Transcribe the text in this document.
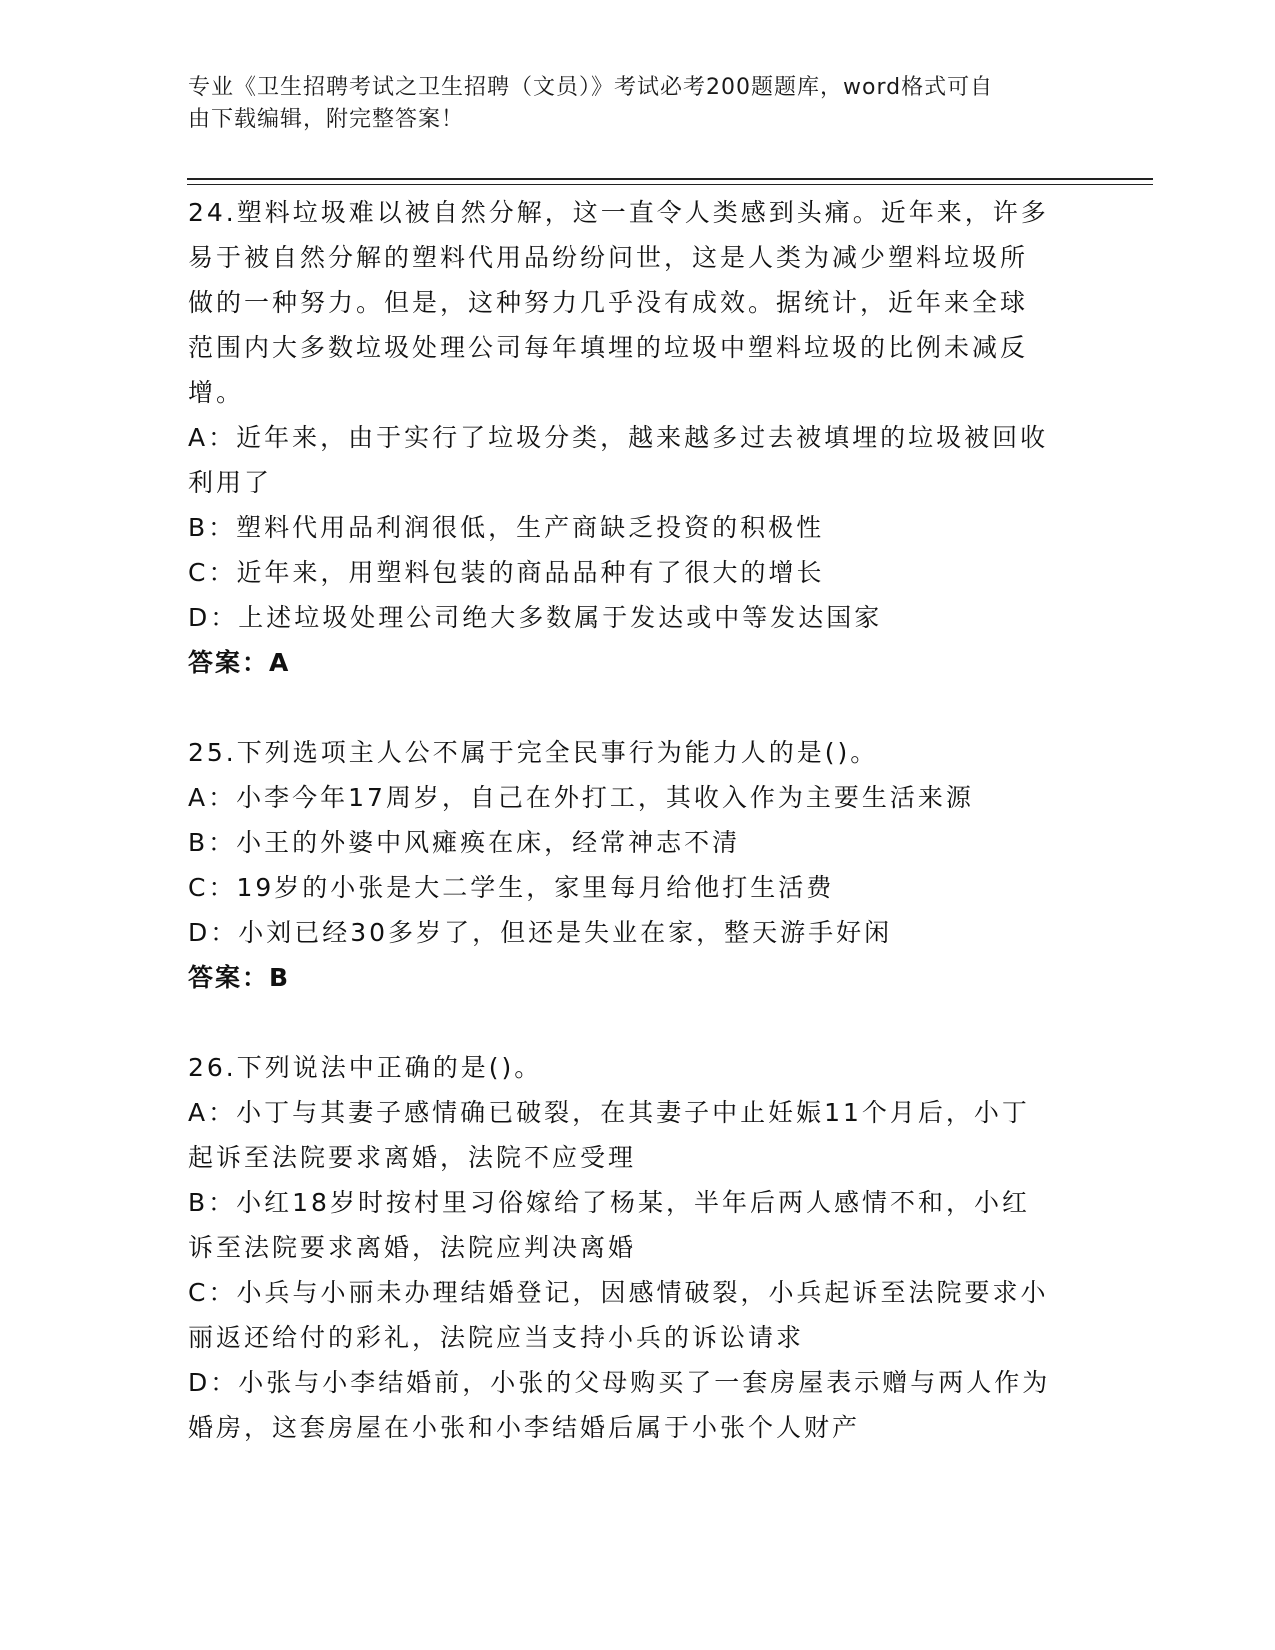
专业《卫生招聘考试之卫生招聘（文员）》考试必考200题题库，word格式可自
由下载编辑，附完整答案！

24.塑料垃圾难以被自然分解，这一直令人类感到头痛。近年来，许多

易于被自然分解的塑料代用品纷纷问世，这是人类为减少塑料垃圾所

做的一种努力。但是，这种努力几乎没有成效。据统计，近年来全球

范围内大多数垃圾处理公司每年填埋的垃圾中塑料垃圾的比例未减反

增。

A：近年来，由于实行了垃圾分类，越来越多过去被填埋的垃圾被回收

利用了

B：塑料代用品利润很低，生产商缺乏投资的积极性

C：近年来，用塑料包装的商品品种有了很大的增长

D：上述垃圾处理公司绝大多数属于发达或中等发达国家

答案：A

25.下列选项主人公不属于完全民事行为能力人的是()。

A：小李今年17周岁，自己在外打工，其收入作为主要生活来源

B：小王的外婆中风瘫痪在床，经常神志不清

C：19岁的小张是大二学生，家里每月给他打生活费

D：小刘已经30多岁了，但还是失业在家，整天游手好闲

答案：B

26.下列说法中正确的是()。

A：小丁与其妻子感情确已破裂，在其妻子中止妊娠11个月后，小丁

起诉至法院要求离婚，法院不应受理

B：小红18岁时按村里习俗嫁给了杨某，半年后两人感情不和，小红

诉至法院要求离婚，法院应判决离婚

C：小兵与小丽未办理结婚登记，因感情破裂，小兵起诉至法院要求小

丽返还给付的彩礼，法院应当支持小兵的诉讼请求

D：小张与小李结婚前，小张的父母购买了一套房屋表示赠与两人作为

婚房，这套房屋在小张和小李结婚后属于小张个人财产
